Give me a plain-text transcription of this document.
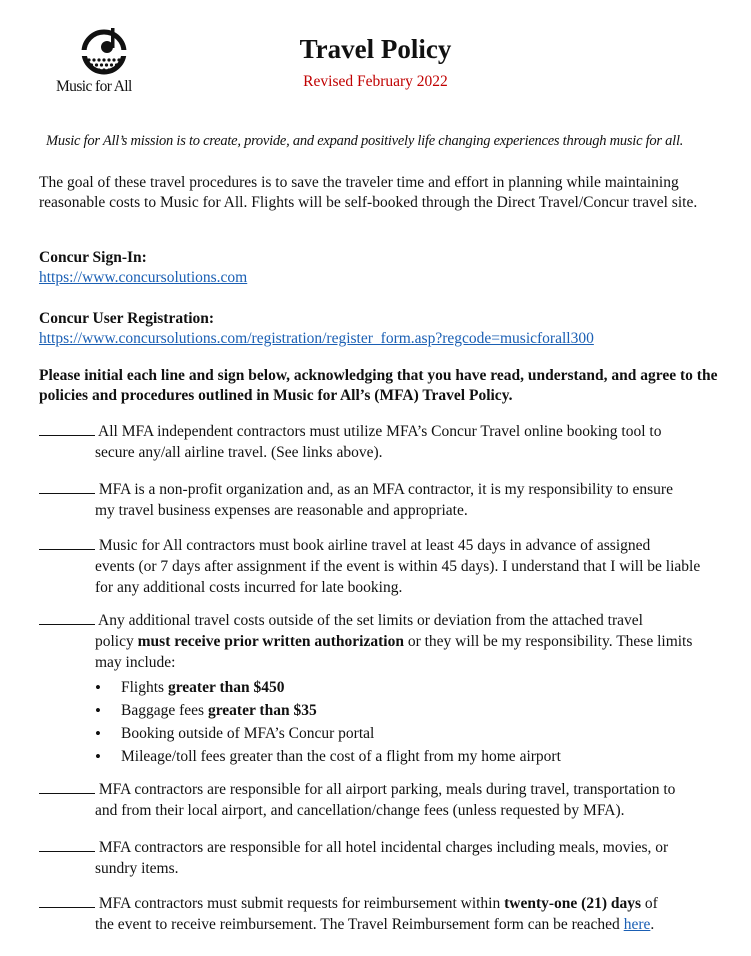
Music for All
Travel Policy
Revised February 2022
Music for All’s mission is to create, provide, and expand positively life changing experiences through music for all.
The goal of these travel procedures is to save the traveler time and effort in planning while maintaining reasonable costs to Music for All. Flights will be self-booked through the Direct Travel/Concur travel site.
Concur Sign-In:
https://www.concursolutions.com
Concur User Registration:
https://www.concursolutions.com/registration/register_form.asp?regcode=musicforall300
Please initial each line and sign below, acknowledging that you have read, understand, and agree to the policies and procedures outlined in Music for All’s (MFA) Travel Policy.
All MFA independent contractors must utilize MFA’s Concur Travel online booking tool to
secure any/all airline travel. (See links above).
MFA is a non-profit organization and, as an MFA contractor, it is my responsibility to ensure
my travel business expenses are reasonable and appropriate.
Music for All contractors must book airline travel at least 45 days in advance of assigned
events (or 7 days after assignment if the event is within 45 days). I understand that I will be liable for any additional costs incurred for late booking.
Any additional travel costs outside of the set limits or deviation from the attached travel
policy must receive prior written authorization or they will be my responsibility. These limits may include:
• Flights greater than $450
• Baggage fees greater than $35
• Booking outside of MFA’s Concur portal
• Mileage/toll fees greater than the cost of a flight from my home airport
MFA contractors are responsible for all airport parking, meals during travel, transportation to
and from their local airport, and cancellation/change fees (unless requested by MFA).
MFA contractors are responsible for all hotel incidental charges including meals, movies, or
sundry items.
MFA contractors must submit requests for reimbursement within twenty-one (21) days of
the event to receive reimbursement. The Travel Reimbursement form can be reached here.
